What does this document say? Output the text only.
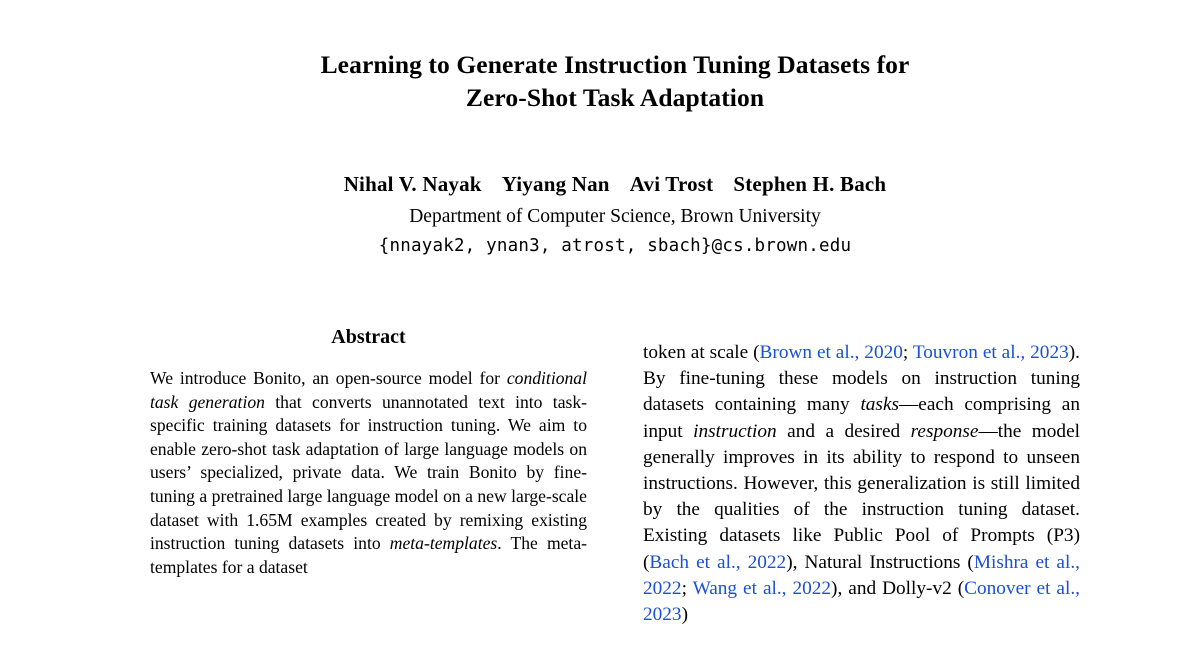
Learning to Generate Instruction Tuning Datasets for
Zero-Shot Task Adaptation
Nihal V. Nayak Yiyang Nan Avi Trost Stephen H. Bach
Department of Computer Science, Brown University
{nnayak2, ynan3, atrost, sbach}@cs.brown.edu
Abstract
We introduce Bonito, an open-source model for conditional task generation that converts unannotated text into task-specific training datasets for instruction tuning. We aim to enable zero-shot task adaptation of large language models on users’ specialized, private data. We train Bonito by fine-tuning a pretrained large language model on a new large-scale dataset with 1.65M examples created by remixing existing instruction tuning datasets into meta-templates. The meta-templates for a dataset
token at scale (Brown et al., 2020; Touvron et al., 2023). By fine-tuning these models on instruction tuning datasets containing many tasks—each comprising an input instruction and a desired response—the model generally improves in its ability to respond to unseen instructions. However, this generalization is still limited by the qualities of the instruction tuning dataset. Existing datasets like Public Pool of Prompts (P3) (Bach et al., 2022), Natural Instructions (Mishra et al., 2022; Wang et al., 2022), and Dolly-v2 (Conover et al., 2023)
